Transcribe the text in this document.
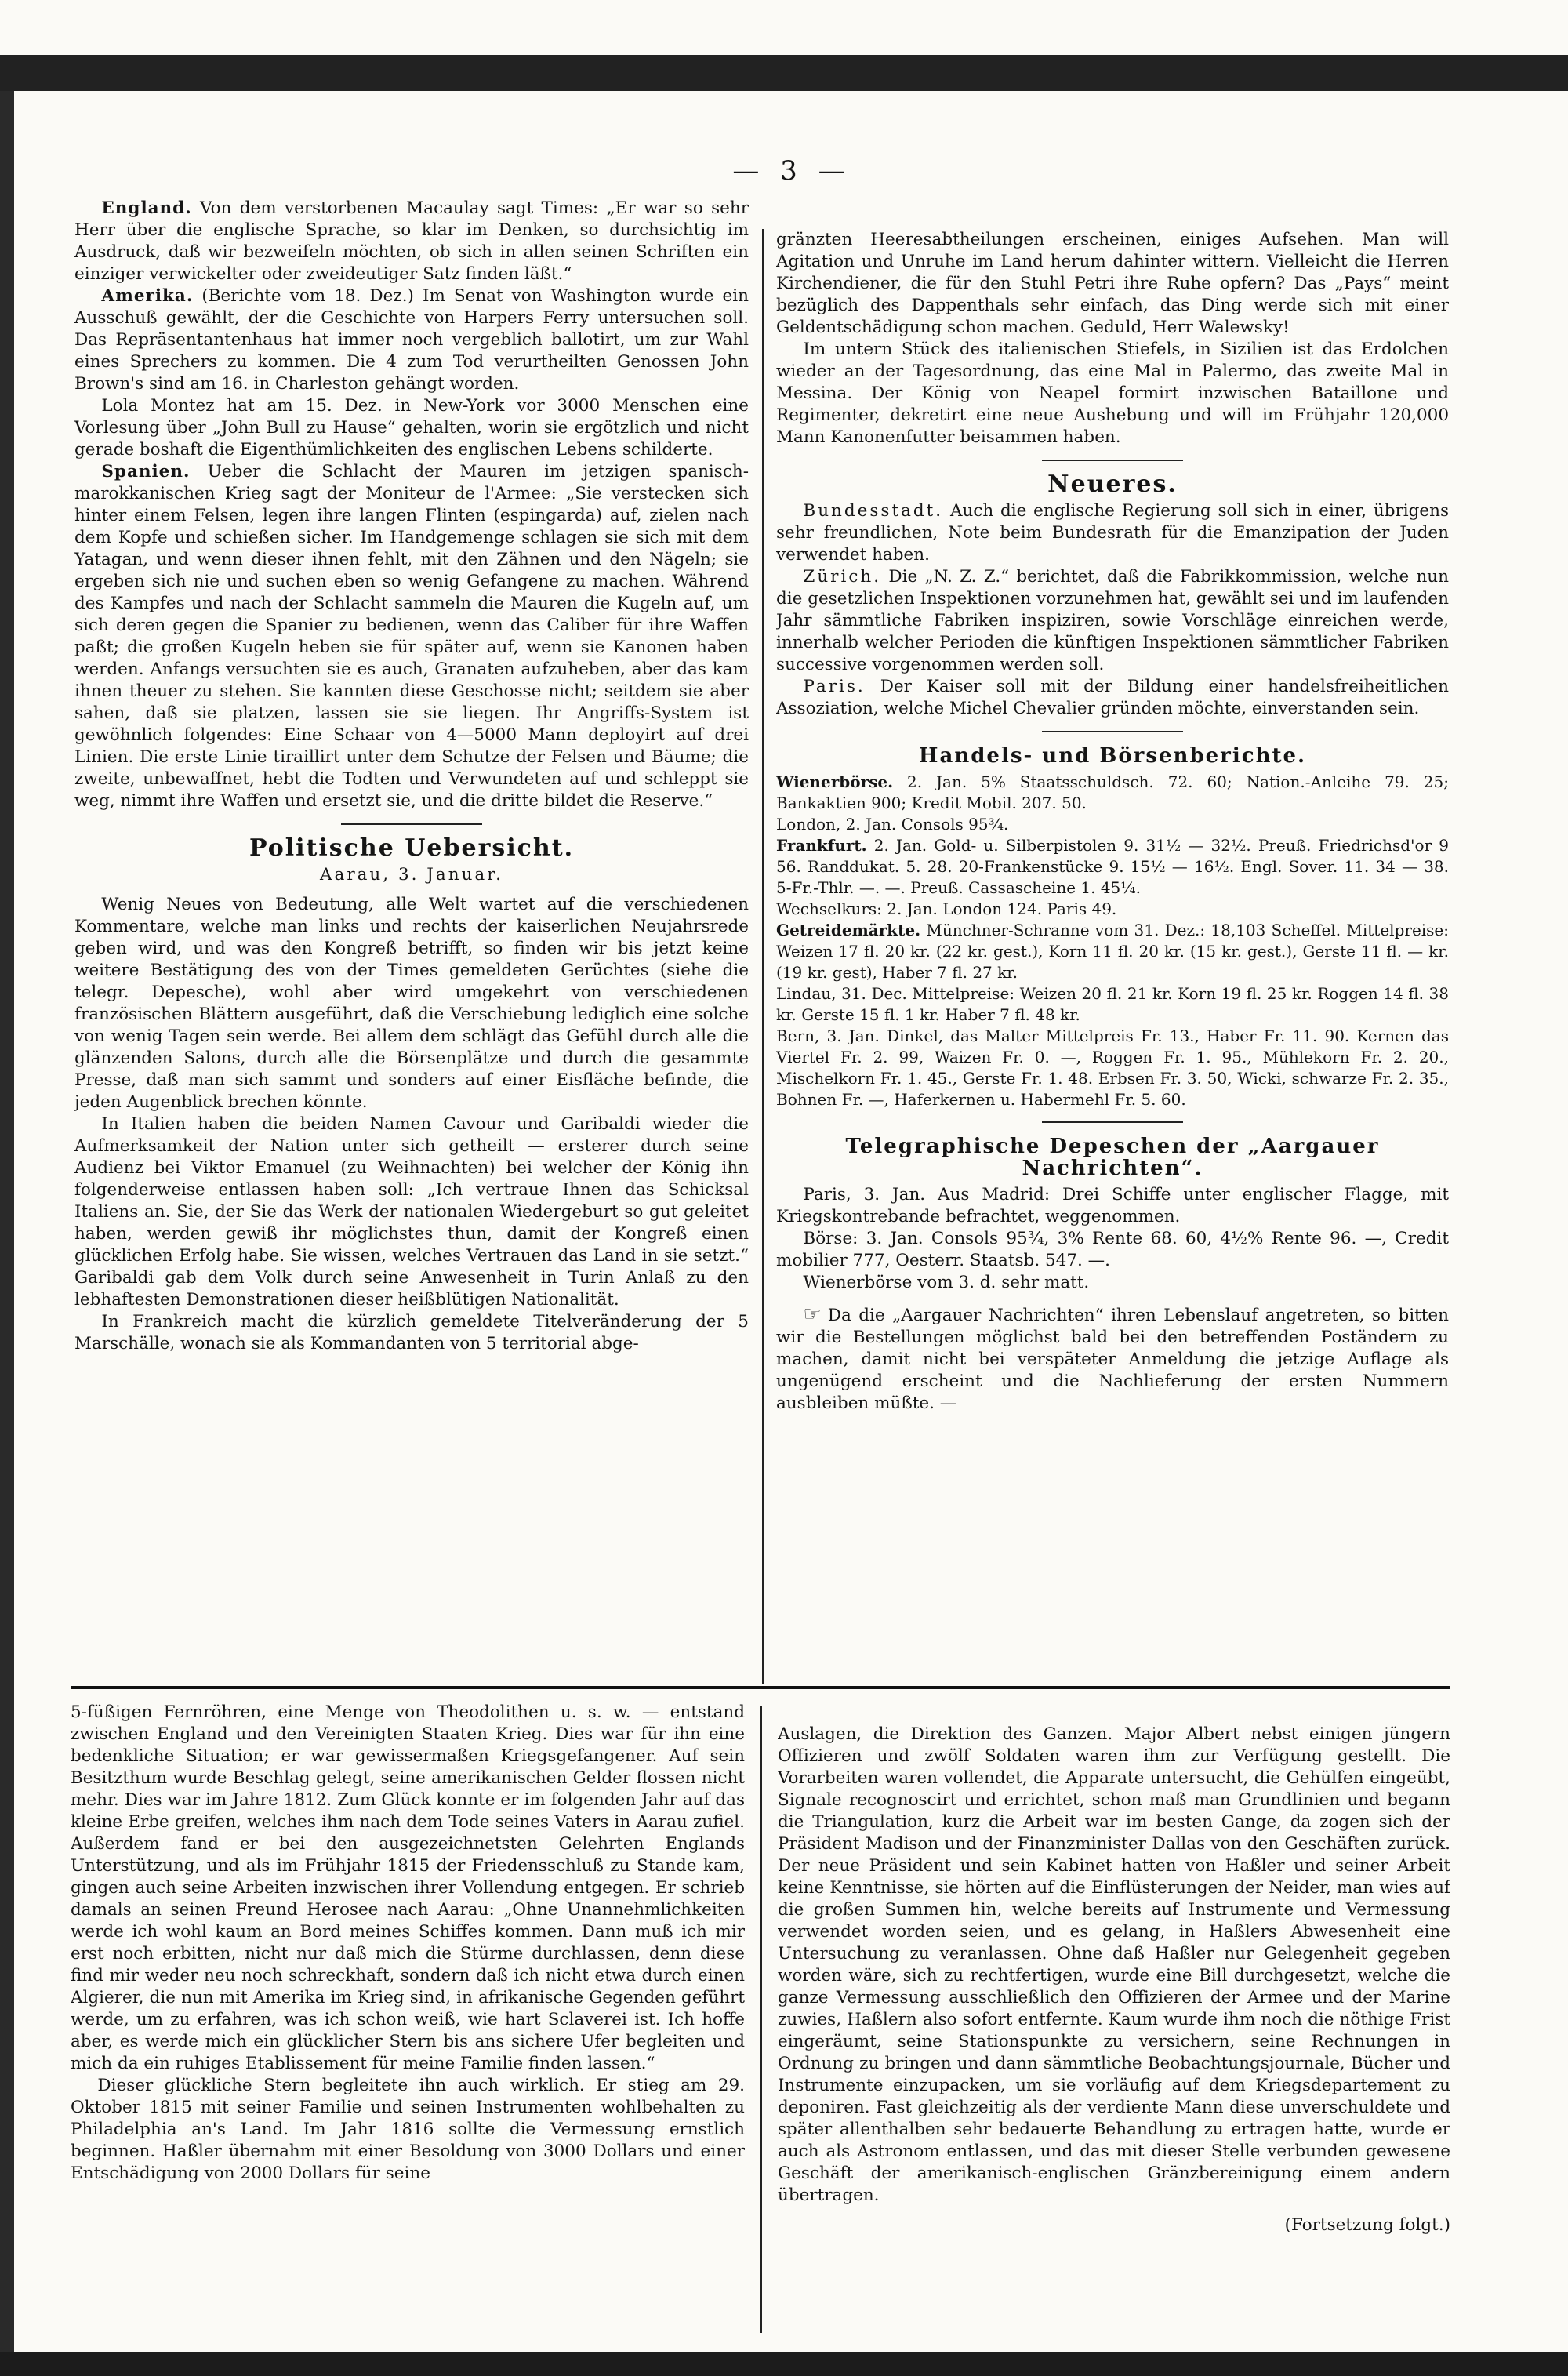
— 3 —

England. Von dem verstorbenen Macaulay sagt Times: „Er war so sehr Herr über die englische Sprache, so klar im Denken, so durchsichtig im Ausdruck, daß wir bezweifeln möchten, ob sich in allen seinen Schriften ein einziger verwickelter oder zweideutiger Satz finden läßt.“

Amerika. (Berichte vom 18. Dez.) Im Senat von Washington wurde ein Ausschuß gewählt, der die Geschichte von Harpers Ferry untersuchen soll. Das Repräsentantenhaus hat immer noch vergeblich ballotirt, um zur Wahl eines Sprechers zu kommen. Die 4 zum Tod verurtheilten Genossen John Brown's sind am 16. in Charleston gehängt worden.

Lola Montez hat am 15. Dez. in New-York vor 3000 Menschen eine Vorlesung über „John Bull zu Hause“ gehalten, worin sie ergötzlich und nicht gerade boshaft die Eigenthümlichkeiten des englischen Lebens schilderte.

Spanien. Ueber die Schlacht der Mauren im jetzigen spanisch-marokkanischen Krieg sagt der Moniteur de l'Armee: „Sie verstecken sich hinter einem Felsen, legen ihre langen Flinten (espingarda) auf, zielen nach dem Kopfe und schießen sicher. Im Handgemenge schlagen sie sich mit dem Yatagan, und wenn dieser ihnen fehlt, mit den Zähnen und den Nägeln; sie ergeben sich nie und suchen eben so wenig Gefangene zu machen. Während des Kampfes und nach der Schlacht sammeln die Mauren die Kugeln auf, um sich deren gegen die Spanier zu bedienen, wenn das Caliber für ihre Waffen paßt; die großen Kugeln heben sie für später auf, wenn sie Kanonen haben werden. Anfangs versuchten sie es auch, Granaten aufzuheben, aber das kam ihnen theuer zu stehen. Sie kannten diese Geschosse nicht; seitdem sie aber sahen, daß sie platzen, lassen sie sie liegen. Ihr Angriffs-System ist gewöhnlich folgendes: Eine Schaar von 4—5000 Mann deployirt auf drei Linien. Die erste Linie tiraillirt unter dem Schutze der Felsen und Bäume; die zweite, unbewaffnet, hebt die Todten und Verwundeten auf und schleppt sie weg, nimmt ihre Waffen und ersetzt sie, und die dritte bildet die Reserve.“

Politische Uebersicht.
Aarau, 3. Januar.

Wenig Neues von Bedeutung, alle Welt wartet auf die verschiedenen Kommentare, welche man links und rechts der kaiserlichen Neujahrsrede geben wird, und was den Kongreß betrifft, so finden wir bis jetzt keine weitere Bestätigung des von der Times gemeldeten Gerüchtes (siehe die telegr. Depesche), wohl aber wird umgekehrt von verschiedenen französischen Blättern ausgeführt, daß die Verschiebung lediglich eine solche von wenig Tagen sein werde. Bei allem dem schlägt das Gefühl durch alle die glänzenden Salons, durch alle die Börsenplätze und durch die gesammte Presse, daß man sich sammt und sonders auf einer Eisfläche befinde, die jeden Augenblick brechen könnte.

In Italien haben die beiden Namen Cavour und Garibaldi wieder die Aufmerksamkeit der Nation unter sich getheilt — ersterer durch seine Audienz bei Viktor Emanuel (zu Weihnachten) bei welcher der König ihn folgenderweise entlassen haben soll: „Ich vertraue Ihnen das Schicksal Italiens an. Sie, der Sie das Werk der nationalen Wiedergeburt so gut geleitet haben, werden gewiß ihr möglichstes thun, damit der Kongreß einen glücklichen Erfolg habe. Sie wissen, welches Vertrauen das Land in sie setzt.“ Garibaldi gab dem Volk durch seine Anwesenheit in Turin Anlaß zu den lebhaftesten Demonstrationen dieser heißblütigen Nationalität.

In Frankreich macht die kürzlich gemeldete Titelveränderung der 5 Marschälle, wonach sie als Kommandanten von 5 territorial abge-

gränzten Heeresabtheilungen erscheinen, einiges Aufsehen. Man will Agitation und Unruhe im Land herum dahinter wittern. Vielleicht die Herren Kirchendiener, die für den Stuhl Petri ihre Ruhe opfern? Das „Pays“ meint bezüglich des Dappenthals sehr einfach, das Ding werde sich mit einer Geldentschädigung schon machen. Geduld, Herr Walewsky!

Im untern Stück des italienischen Stiefels, in Sizilien ist das Erdolchen wieder an der Tagesordnung, das eine Mal in Palermo, das zweite Mal in Messina. Der König von Neapel formirt inzwischen Bataillone und Regimenter, dekretirt eine neue Aushebung und will im Frühjahr 120,000 Mann Kanonenfutter beisammen haben.

Neueres.

Bundesstadt. Auch die englische Regierung soll sich in einer, übrigens sehr freundlichen, Note beim Bundesrath für die Emanzipation der Juden verwendet haben.

Zürich. Die „N. Z. Z.“ berichtet, daß die Fabrikkommission, welche nun die gesetzlichen Inspektionen vorzunehmen hat, gewählt sei und im laufenden Jahr sämmtliche Fabriken inspiziren, sowie Vorschläge einreichen werde, innerhalb welcher Perioden die künftigen Inspektionen sämmtlicher Fabriken successive vorgenommen werden soll.

Paris. Der Kaiser soll mit der Bildung einer handelsfreiheitlichen Assoziation, welche Michel Chevalier gründen möchte, einverstanden sein.

Handels- und Börsenberichte.

Wienerbörse. 2. Jan. 5% Staatsschuldsch. 72. 60; Nation.-Anleihe 79. 25; Bankaktien 900; Kredit Mobil. 207. 50.

London, 2. Jan. Consols 95¾.

Frankfurt. 2. Jan. Gold- u. Silberpistolen 9. 31½ — 32½. Preuß. Friedrichsd'or 9 56. Randdukat. 5. 28. 20-Frankenstücke 9. 15½ — 16½. Engl. Sover. 11. 34 — 38. 5-Fr.-Thlr. —. —. Preuß. Cassascheine 1. 45¼.

Wechselkurs: 2. Jan. London 124. Paris 49.

Getreidemärkte. Münchner-Schranne vom 31. Dez.: 18,103 Scheffel. Mittelpreise: Weizen 17 fl. 20 kr. (22 kr. gest.), Korn 11 fl. 20 kr. (15 kr. gest.), Gerste 11 fl. — kr. (19 kr. gest), Haber 7 fl. 27 kr.

Lindau, 31. Dec. Mittelpreise: Weizen 20 fl. 21 kr. Korn 19 fl. 25 kr. Roggen 14 fl. 38 kr. Gerste 15 fl. 1 kr. Haber 7 fl. 48 kr.

Bern, 3. Jan. Dinkel, das Malter Mittelpreis Fr. 13., Haber Fr. 11. 90. Kernen das Viertel Fr. 2. 99, Waizen Fr. 0. —, Roggen Fr. 1. 95., Mühlekorn Fr. 2. 20., Mischelkorn Fr. 1. 45., Gerste Fr. 1. 48. Erbsen Fr. 3. 50, Wicki, schwarze Fr. 2. 35., Bohnen Fr. —, Haferkernen u. Habermehl Fr. 5. 60.

Telegraphische Depeschen der „Aargauer Nachrichten“.

Paris, 3. Jan. Aus Madrid: Drei Schiffe unter englischer Flagge, mit Kriegskontrebande befrachtet, weggenommen.

Börse: 3. Jan. Consols 95¾, 3% Rente 68. 60, 4½% Rente 96. —, Credit mobilier 777, Oesterr. Staatsb. 547. —.

Wienerbörse vom 3. d. sehr matt.

☞ Da die „Aargauer Nachrichten“ ihren Lebenslauf angetreten, so bitten wir die Bestellungen möglichst bald bei den betreffenden Poständern zu machen, damit nicht bei verspäteter Anmeldung die jetzige Auflage als ungenügend erscheint und die Nachlieferung der ersten Nummern ausbleiben müßte. —

5-füßigen Fernröhren, eine Menge von Theodolithen u. s. w. — entstand zwischen England und den Vereinigten Staaten Krieg. Dies war für ihn eine bedenkliche Situation; er war gewissermaßen Kriegsgefangener. Auf sein Besitzthum wurde Beschlag gelegt, seine amerikanischen Gelder flossen nicht mehr. Dies war im Jahre 1812. Zum Glück konnte er im folgenden Jahr auf das kleine Erbe greifen, welches ihm nach dem Tode seines Vaters in Aarau zufiel. Außerdem fand er bei den ausgezeichnetsten Gelehrten Englands Unterstützung, und als im Frühjahr 1815 der Friedensschluß zu Stande kam, gingen auch seine Arbeiten inzwischen ihrer Vollendung entgegen. Er schrieb damals an seinen Freund Herosee nach Aarau: „Ohne Unannehmlichkeiten werde ich wohl kaum an Bord meines Schiffes kommen. Dann muß ich mir erst noch erbitten, nicht nur daß mich die Stürme durchlassen, denn diese find mir weder neu noch schreckhaft, sondern daß ich nicht etwa durch einen Algierer, die nun mit Amerika im Krieg sind, in afrikanische Gegenden geführt werde, um zu erfahren, was ich schon weiß, wie hart Sclaverei ist. Ich hoffe aber, es werde mich ein glücklicher Stern bis ans sichere Ufer begleiten und mich da ein ruhiges Etablissement für meine Familie finden lassen.“

Dieser glückliche Stern begleitete ihn auch wirklich. Er stieg am 29. Oktober 1815 mit seiner Familie und seinen Instrumenten wohlbehalten zu Philadelphia an's Land. Im Jahr 1816 sollte die Vermessung ernstlich beginnen. Haßler übernahm mit einer Besoldung von 3000 Dollars und einer Entschädigung von 2000 Dollars für seine

Auslagen, die Direktion des Ganzen. Major Albert nebst einigen jüngern Offizieren und zwölf Soldaten waren ihm zur Verfügung gestellt. Die Vorarbeiten waren vollendet, die Apparate untersucht, die Gehülfen eingeübt, Signale recognoscirt und errichtet, schon maß man Grundlinien und begann die Triangulation, kurz die Arbeit war im besten Gange, da zogen sich der Präsident Madison und der Finanzminister Dallas von den Geschäften zurück. Der neue Präsident und sein Kabinet hatten von Haßler und seiner Arbeit keine Kenntnisse, sie hörten auf die Einflüsterungen der Neider, man wies auf die großen Summen hin, welche bereits auf Instrumente und Vermessung verwendet worden seien, und es gelang, in Haßlers Abwesenheit eine Untersuchung zu veranlassen. Ohne daß Haßler nur Gelegenheit gegeben worden wäre, sich zu rechtfertigen, wurde eine Bill durchgesetzt, welche die ganze Vermessung ausschließlich den Offizieren der Armee und der Marine zuwies, Haßlern also sofort entfernte. Kaum wurde ihm noch die nöthige Frist eingeräumt, seine Stationspunkte zu versichern, seine Rechnungen in Ordnung zu bringen und dann sämmtliche Beobachtungsjournale, Bücher und Instrumente einzupacken, um sie vorläufig auf dem Kriegsdepartement zu deponiren. Fast gleichzeitig als der verdiente Mann diese unverschuldete und später allenthalben sehr bedauerte Behandlung zu ertragen hatte, wurde er auch als Astronom entlassen, und das mit dieser Stelle verbunden gewesene Geschäft der amerikanisch-englischen Gränzbereinigung einem andern übertragen.

(Fortsetzung folgt.)
